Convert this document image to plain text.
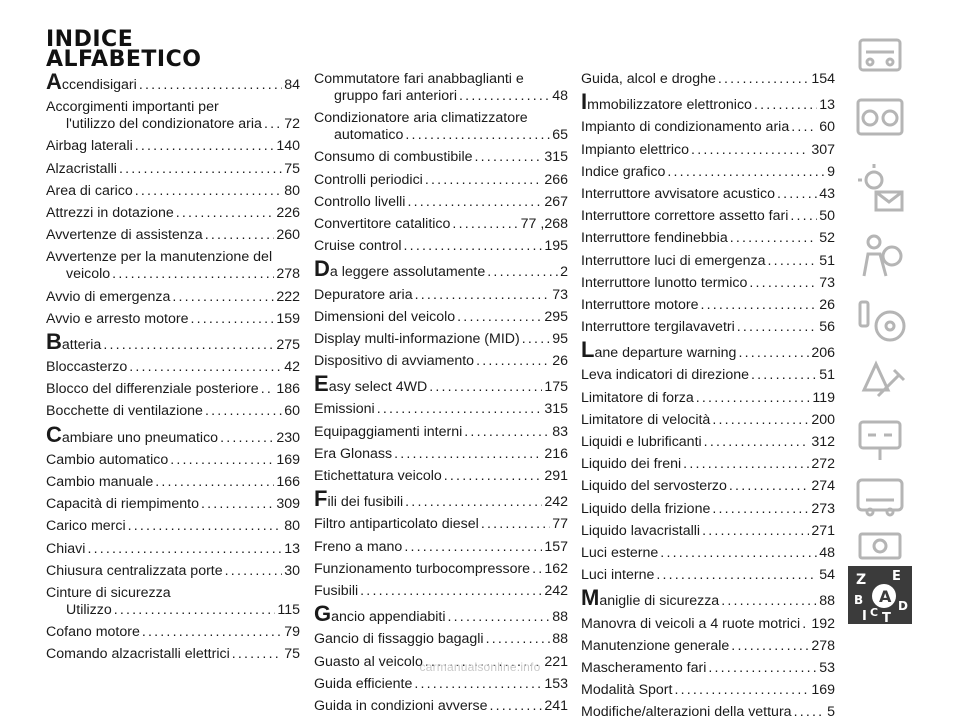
INDICE
ALFABETICO
Accendisigari .....	84
Accorgimenti importanti per
l'utilizzo del condizionatore aria ..... 72
Airbag laterali .....	140
Alzacristalli .....	75
Area di carico .....	80
Attrezzi in dotazione .....	226
Avvertenze di assistenza .....	260
Avvertenze per la manutenzione del
veicolo .....	278
Avvio di emergenza .....	222
Avvio e arresto motore .....	159
Batteria .....	275
Bloccasterzo .....	42
Blocco del differenziale posteriore ..... 186
Bocchette di ventilazione .....	60
Cambiare uno pneumatico .....	230
Cambio automatico .....	169
Cambio manuale .....	166
Capacità di riempimento .....	309
Carico merci .....	80
Chiavi .....	13
Chiusura centralizzata porte .....	30
Cinture di sicurezza
Utilizzo .....	115
Cofano motore .....	79
Comando alzacristalli elettrici .....	75
Commutatore fari anabbaglianti e
gruppo fari anteriori .....	48
Condizionatore aria climatizzatore
automatico .....	65
Consumo di combustibile .....	315
Controlli periodici .....	266
Controllo livelli .....	267
Convertitore catalitico .....	77 ,268
Cruise control .....	195
Da leggere assolutamente .....	2
Depuratore aria .....	73
Dimensioni del veicolo .....	295
Display multi-informazione (MID) ..... 95
Dispositivo di avviamento .....	26
Easy select 4WD .....	175
Emissioni .....	315
Equipaggiamenti interni .....	83
Era Glonass .....	216
Etichettatura veicolo .....	291
Fili dei fusibili .....	242
Filtro antiparticolato diesel .....	77
Freno a mano .....	157
Funzionamento turbocompressore ..... 162
Fusibili .....	242
Gancio appendiabiti .....	88
Gancio di fissaggio bagagli .....	88
Guasto al veicolo .....	221
Guida efficiente .....	153
Guida in condizioni avverse .....	241
Guida, alcol e droghe .....	154
Immobilizzatore elettronico .....	13
Impianto di condizionamento aria ..... 60
Impianto elettrico .....	307
Indice grafico .....	9
Interruttore avvisatore acustico .....	43
Interruttore correttore assetto fari ..... 50
Interruttore fendinebbia .....	52
Interruttore luci di emergenza .....	51
Interruttore lunotto termico .....	73
Interruttore motore .....	26
Interruttore tergilavavetri .....	56
Lane departure warning .....	206
Leva indicatori di direzione .....	51
Limitatore di forza .....	119
Limitatore di velocità .....	200
Liquidi e lubrificanti .....	312
Liquido dei freni .....	272
Liquido del servosterzo .....	274
Liquido della frizione .....	273
Liquido lavacristalli .....	271
Luci esterne .....	48
Luci interne .....	54
Maniglie di sicurezza .....	88
Manovra di veicoli a 4 ruote motrici ..... 192
Manutenzione generale .....	278
Mascheramento fari .....	53
Modalità Sport .....	169
Modifiche/alterazioni della vettura .....	5
A
Z E
B	D
I C T
carmanualsonline.info
